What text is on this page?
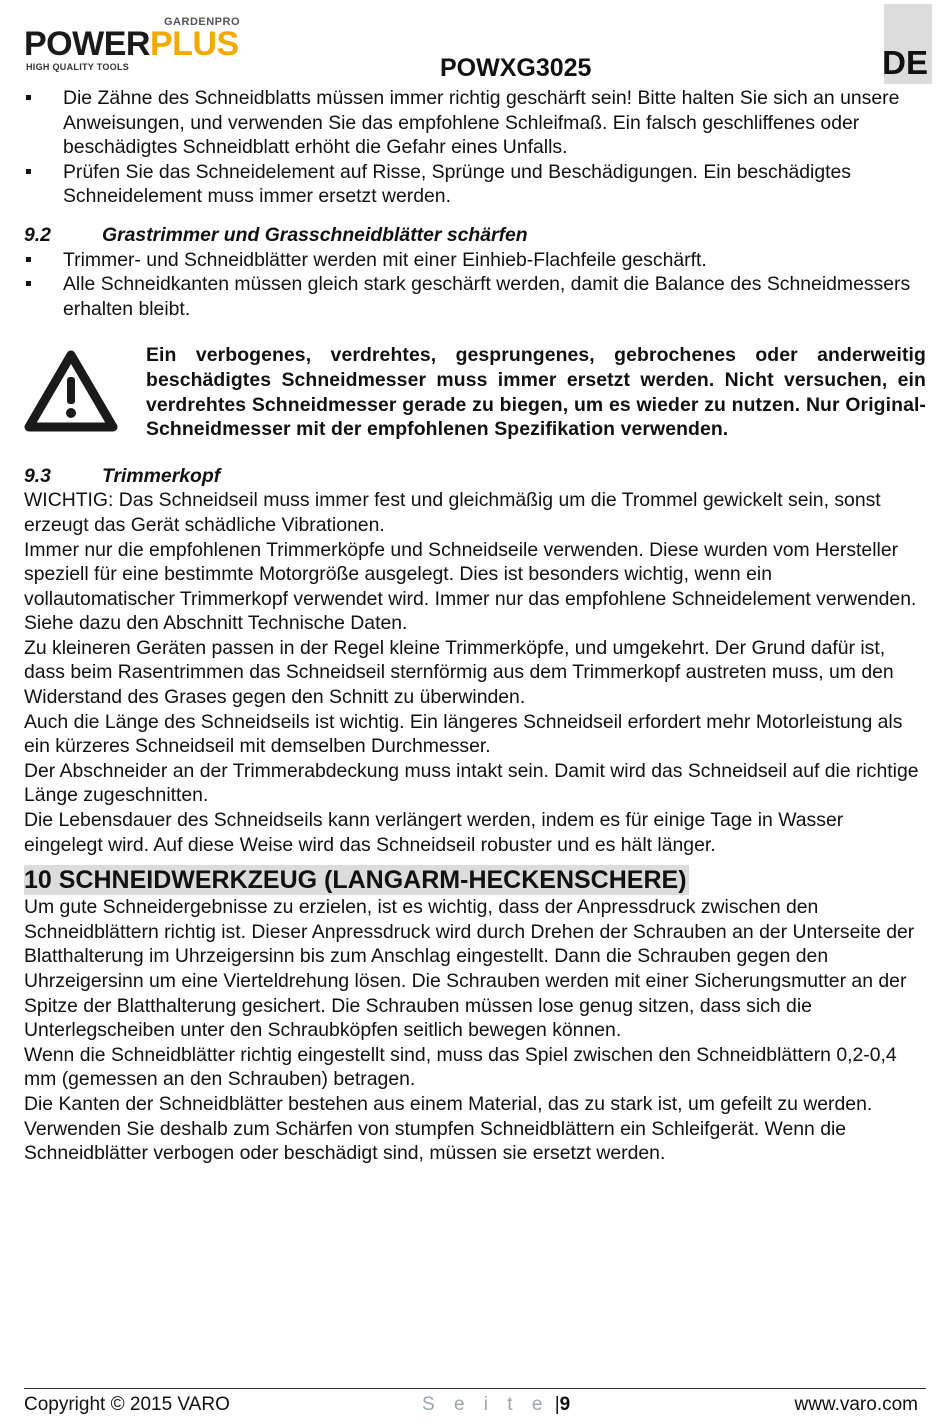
GARDENPRO
POWERPLUS
HIGH QUALITY TOOLS	POWXG3025	DE
Die Zähne des Schneidblatts müssen immer richtig geschärft sein! Bitte halten Sie sich an unsere Anweisungen, und verwenden Sie das empfohlene Schleifmaß. Ein falsch geschliffenes oder beschädigtes Schneidblatt erhöht die Gefahr eines Unfalls.
Prüfen Sie das Schneidelement auf Risse, Sprünge und Beschädigungen. Ein beschädigtes Schneidelement muss immer ersetzt werden.
9.2	Grastrimmer und Grasschneidblätter schärfen
Trimmer- und Schneidblätter werden mit einer Einhieb-Flachfeile geschärft.
Alle Schneidkanten müssen gleich stark geschärft werden, damit die Balance des Schneidmessers erhalten bleibt.
Ein verbogenes, verdrehtes, gesprungenes, gebrochenes oder anderweitig beschädigtes Schneidmesser muss immer ersetzt werden. Nicht versuchen, ein verdrehtes Schneidmesser gerade zu biegen, um es wieder zu nutzen. Nur Original-Schneidmesser mit der empfohlenen Spezifikation verwenden.
9.3	Trimmerkopf

WICHTIG: Das Schneidseil muss immer fest und gleichmäßig um die Trommel gewickelt sein, sonst erzeugt das Gerät schädliche Vibrationen.

Immer nur die empfohlenen Trimmerköpfe und Schneidseile verwenden. Diese wurden vom Hersteller speziell für eine bestimmte Motorgröße ausgelegt. Dies ist besonders wichtig, wenn ein vollautomatischer Trimmerkopf verwendet wird. Immer nur das empfohlene Schneidelement verwenden. Siehe dazu den Abschnitt Technische Daten.

Zu kleineren Geräten passen in der Regel kleine Trimmerköpfe, und umgekehrt. Der Grund dafür ist, dass beim Rasentrimmen das Schneidseil sternförmig aus dem Trimmerkopf austreten muss, um den Widerstand des Grases gegen den Schnitt zu überwinden.

Auch die Länge des Schneidseils ist wichtig. Ein längeres Schneidseil erfordert mehr Motorleistung als ein kürzeres Schneidseil mit demselben Durchmesser.

Der Abschneider an der Trimmerabdeckung muss intakt sein. Damit wird das Schneidseil auf die richtige Länge zugeschnitten.

Die Lebensdauer des Schneidseils kann verlängert werden, indem es für einige Tage in Wasser eingelegt wird. Auf diese Weise wird das Schneidseil robuster und es hält länger.

10 SCHNEIDWERKZEUG (LANGARM-HECKENSCHERE)

Um gute Schneidergebnisse zu erzielen, ist es wichtig, dass der Anpressdruck zwischen den Schneidblättern richtig ist. Dieser Anpressdruck wird durch Drehen der Schrauben an der Unterseite der Blatthalterung im Uhrzeigersinn bis zum Anschlag eingestellt. Dann die Schrauben gegen den Uhrzeigersinn um eine Vierteldrehung lösen. Die Schrauben werden mit einer Sicherungsmutter an der Spitze der Blatthalterung gesichert. Die Schrauben müssen lose genug sitzen, dass sich die Unterlegscheiben unter den Schraubköpfen seitlich bewegen können.

Wenn die Schneidblätter richtig eingestellt sind, muss das Spiel zwischen den Schneidblättern 0,2-0,4 mm (gemessen an den Schrauben) betragen.

Die Kanten der Schneidblätter bestehen aus einem Material, das zu stark ist, um gefeilt zu werden. Verwenden Sie deshalb zum Schärfen von stumpfen Schneidblättern ein Schleifgerät. Wenn die Schneidblätter verbogen oder beschädigt sind, müssen sie ersetzt werden.

Copyright © 2015 VARO	S e i t e |9	www.varo.com
